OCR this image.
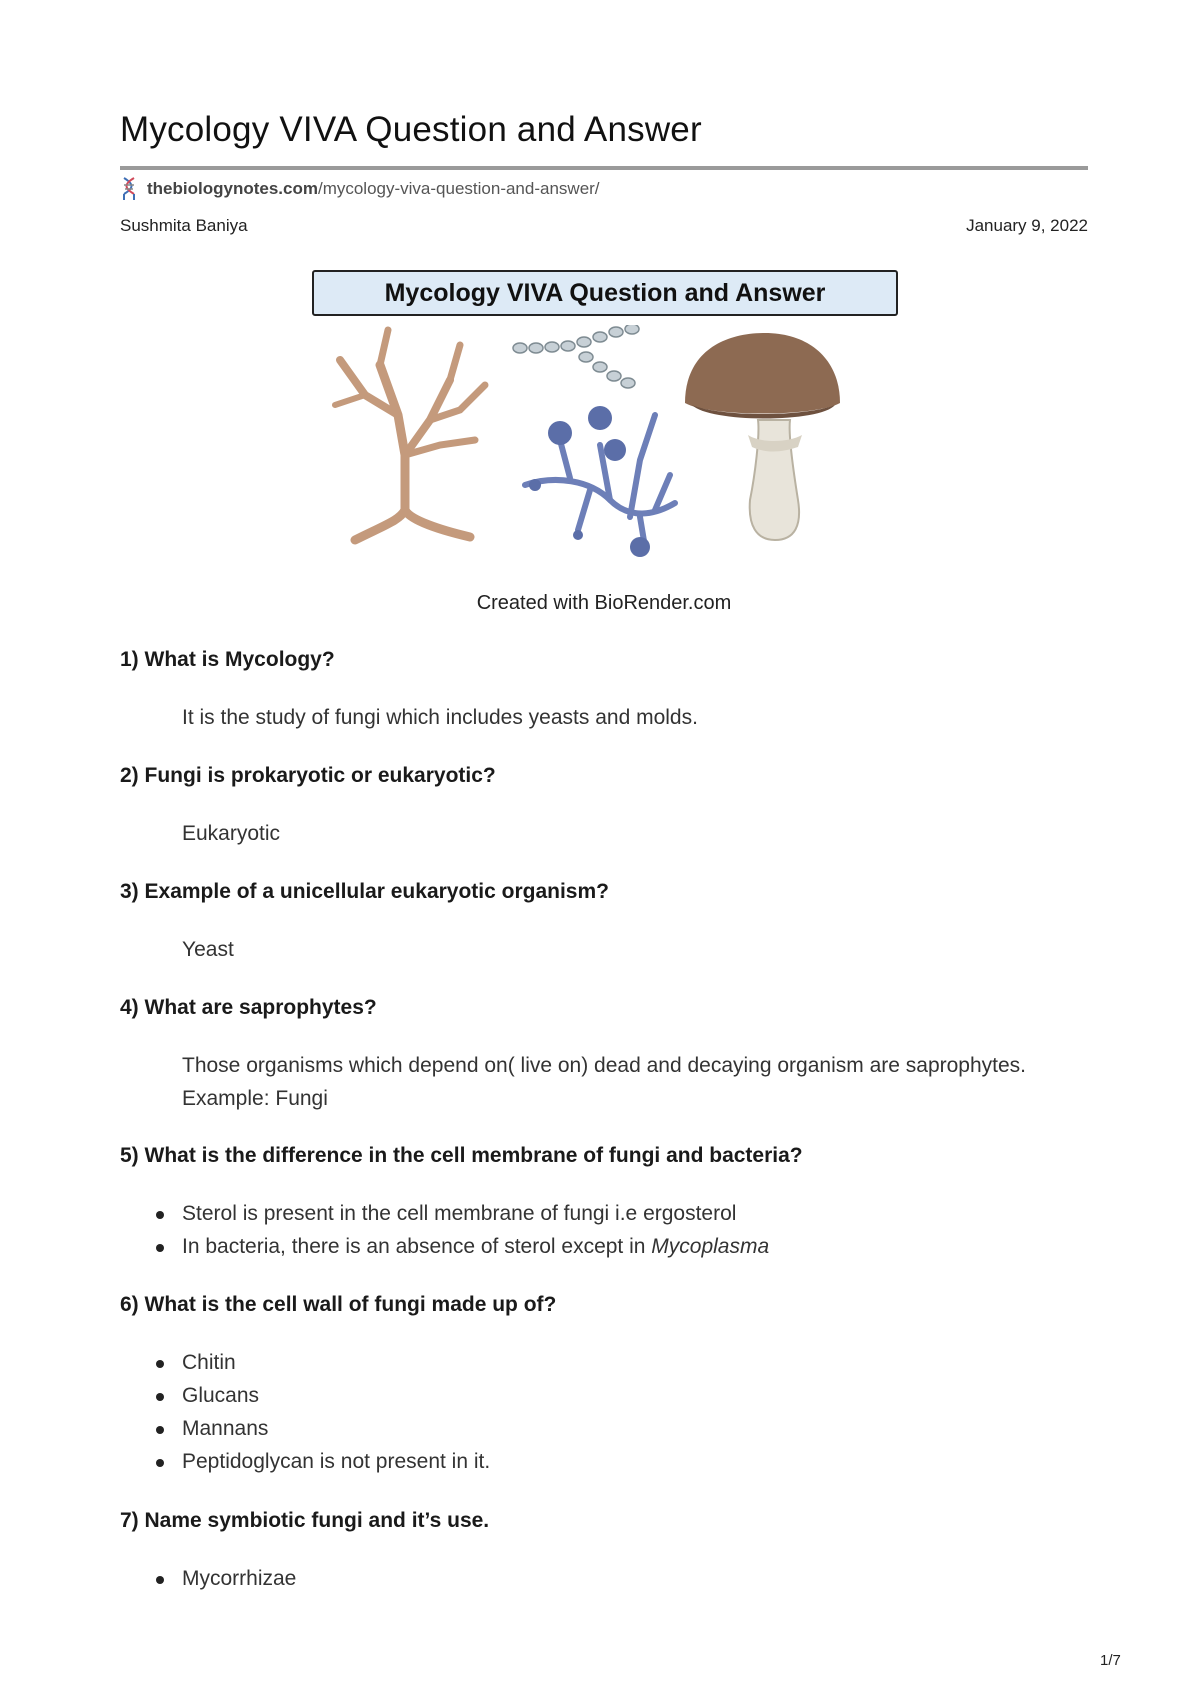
Mycology VIVA Question and Answer
thebiologynotes.com /mycology-viva-question-and-answer/
Sushmita Baniya	January 9, 2022
Mycology VIVA Question and Answer
Created with BioRender.com

1) What is Mycology?

It is the study of fungi which includes yeasts and molds.

2) Fungi is prokaryotic or eukaryotic?

Eukaryotic

3) Example of a unicellular eukaryotic organism?

Yeast

4) What are saprophytes?

Those organisms which depend on( live on) dead and decaying organism are saprophytes. Example: Fungi

5) What is the difference in the cell membrane of fungi and bacteria?

Sterol is present in the cell membrane of fungi i.e ergosterol
In bacteria, there is an absence of sterol except in Mycoplasma

6) What is the cell wall of fungi made up of?

Chitin
Glucans
Mannans
Peptidoglycan is not present in it.

7) Name symbiotic fungi and it’s use.

Mycorrhizae
1/7
